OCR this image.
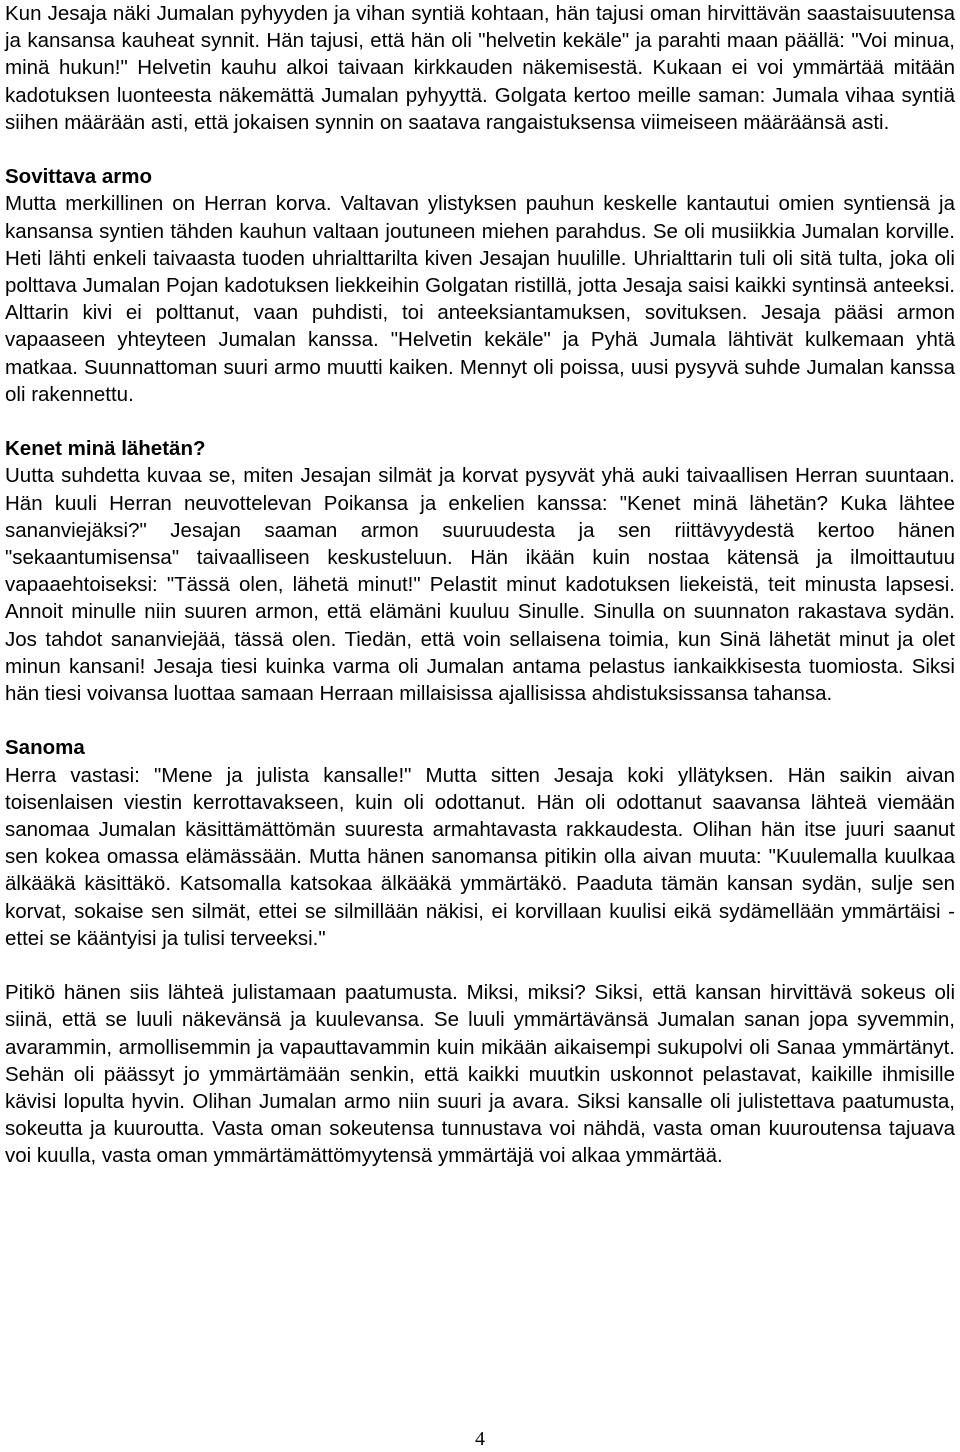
Kun Jesaja näki Jumalan pyhyyden ja vihan syntiä kohtaan, hän tajusi oman hirvittävän saastaisuutensa ja kansansa kauheat synnit. Hän tajusi, että hän oli "helvetin kekäle" ja parahti maan päällä: "Voi minua, minä hukun!" Helvetin kauhu alkoi taivaan kirkkauden näkemisestä. Kukaan ei voi ymmärtää mitään kadotuksen luonteesta näkemättä Jumalan pyhyyttä. Golgata kertoo meille saman: Jumala vihaa syntiä siihen määrään asti, että jokaisen synnin on saatava rangaistuksensa viimeiseen määräänsä asti.

Sovittava armo

Mutta merkillinen on Herran korva. Valtavan ylistyksen pauhun keskelle kantautui omien syntiensä ja kansansa syntien tähden kauhun valtaan joutuneen miehen parahdus. Se oli musiikkia Jumalan korville. Heti lähti enkeli taivaasta tuoden uhrialttarilta kiven Jesajan huulille. Uhrialttarin tuli oli sitä tulta, joka oli polttava Jumalan Pojan kadotuksen liekkeihin Golgatan ristillä, jotta Jesaja saisi kaikki syntinsä anteeksi. Alttarin kivi ei polttanut, vaan puhdisti, toi anteeksiantamuksen, sovituksen. Jesaja pääsi armon vapaaseen yhteyteen Jumalan kanssa. "Helvetin kekäle" ja Pyhä Jumala lähtivät kulkemaan yhtä matkaa. Suunnattoman suuri armo muutti kaiken. Mennyt oli poissa, uusi pysyvä suhde Jumalan kanssa oli rakennettu.

Kenet minä lähetän?

Uutta suhdetta kuvaa se, miten Jesajan silmät ja korvat pysyvät yhä auki taivaallisen Herran suuntaan. Hän kuuli Herran neuvottelevan Poikansa ja enkelien kanssa: "Kenet minä lähetän? Kuka lähtee sananviejäksi?" Jesajan saaman armon suuruudesta ja sen riittävyydestä kertoo hänen "sekaantumisensa" taivaalliseen keskusteluun. Hän ikään kuin nostaa kätensä ja ilmoittautuu vapaaehtoiseksi: "Tässä olen, lähetä minut!" Pelastit minut kadotuksen liekeistä, teit minusta lapsesi. Annoit minulle niin suuren armon, että elämäni kuuluu Sinulle. Sinulla on suunnaton rakastava sydän. Jos tahdot sananviejää, tässä olen. Tiedän, että voin sellaisena toimia, kun Sinä lähetät minut ja olet minun kansani! Jesaja tiesi kuinka varma oli Jumalan antama pelastus iankaikkisesta tuomiosta. Siksi hän tiesi voivansa luottaa samaan Herraan millaisissa ajallisissa ahdistuksissansa tahansa.

Sanoma

Herra vastasi: "Mene ja julista kansalle!" Mutta sitten Jesaja koki yllätyksen. Hän saikin aivan toisenlaisen viestin kerrottavakseen, kuin oli odottanut. Hän oli odottanut saavansa lähteä viemään sanomaa Jumalan käsittämättömän suuresta armahtavasta rakkaudesta. Olihan hän itse juuri saanut sen kokea omassa elämässään. Mutta hänen sanomansa pitikin olla aivan muuta: "Kuulemalla kuulkaa älkääkä käsittäkö. Katsomalla katsokaa älkääkä ymmärtäkö. Paaduta tämän kansan sydän, sulje sen korvat, sokaise sen silmät, ettei se silmillään näkisi, ei korvillaan kuulisi eikä sydämellään ymmärtäisi - ettei se kääntyisi ja tulisi terveeksi."

Pitikö hänen siis lähteä julistamaan paatumusta. Miksi, miksi? Siksi, että kansan hirvittävä sokeus oli siinä, että se luuli näkevänsä ja kuulevansa. Se luuli ymmärtävänsä Jumalan sanan jopa syvemmin, avarammin, armollisemmin ja vapauttavammin kuin mikään aikaisempi sukupolvi oli Sanaa ymmärtänyt. Sehän oli päässyt jo ymmärtämään senkin, että kaikki muutkin uskonnot pelastavat, kaikille ihmisille kävisi lopulta hyvin. Olihan Jumalan armo niin suuri ja avara. Siksi kansalle oli julistettava paatumusta, sokeutta ja kuuroutta. Vasta oman sokeutensa tunnustava voi nähdä, vasta oman kuuroutensa tajuava voi kuulla, vasta oman ymmärtämättömyytensä ymmärtäjä voi alkaa ymmärtää.

4
